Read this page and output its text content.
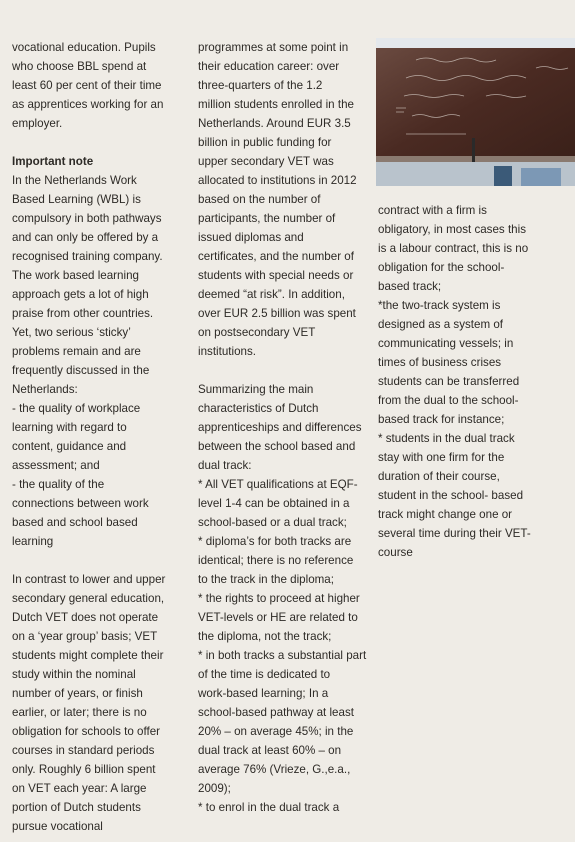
vocational education. Pupils
who choose BBL spend at
least 60 per cent of their time
as apprentices working for an
employer.

Important note
In the Netherlands Work
Based Learning (WBL) is
compulsory in both pathways
and can only be offered by a
recognised training company.
The work based learning
approach gets a lot of high
praise from other countries.
Yet, two serious ‘sticky’
problems remain and are
frequently discussed in the
Netherlands:
- the quality of workplace
learning with regard to
content, guidance and
assessment; and
- the quality of the
connections between work
based and school based
learning

In contrast to lower and upper
secondary general education,
Dutch VET does not operate
on a ‘year group’ basis; VET
students might complete their
study within the nominal
number of years, or finish
earlier, or later; there is no
obligation for schools to offer
courses in standard periods
only. Roughly 6 billion spent
on VET each year: A large
portion of Dutch students
pursue vocational

programmes at some point in
their education career: over
three-quarters of the 1.2
million students enrolled in the
Netherlands. Around EUR 3.5
billion in public funding for
upper secondary VET was
allocated to institutions in 2012
based on the number of
participants, the number of
issued diplomas and
certificates, and the number of
students with special needs or
deemed “at risk”. In addition,
over EUR 2.5 billion was spent
on postsecondary VET
institutions.

Summarizing the main
characteristics of Dutch
apprenticeships and differences
between the school based and
dual track:
* All VET qualifications at EQF-
level 1-4 can be obtained in a
school-based or a dual track;
* diploma’s for both tracks are
identical; there is no reference
to the track in the diploma;
* the rights to proceed at higher
VET-levels or HE are related to
the diploma, not the track;
* in both tracks a substantial part
of the time is dedicated to
work-based learning; In a
school-based pathway at least
20% – on average 45%; in the
dual track at least 60% – on
average 76% (Vrieze, G.,e.a.,
2009);
* to enrol in the dual track a

contract with a firm is
obligatory, in most cases this
is a labour contract, this is no
obligation for the school-
based track;
*the two-track system is
designed as a system of
communicating vessels; in
times of business crises
students can be transferred
from the dual to the school-
based track for instance;
* students in the dual track
stay with one firm for the
duration of their course,
student in the school- based
track might change one or
several time during their VET-
course
